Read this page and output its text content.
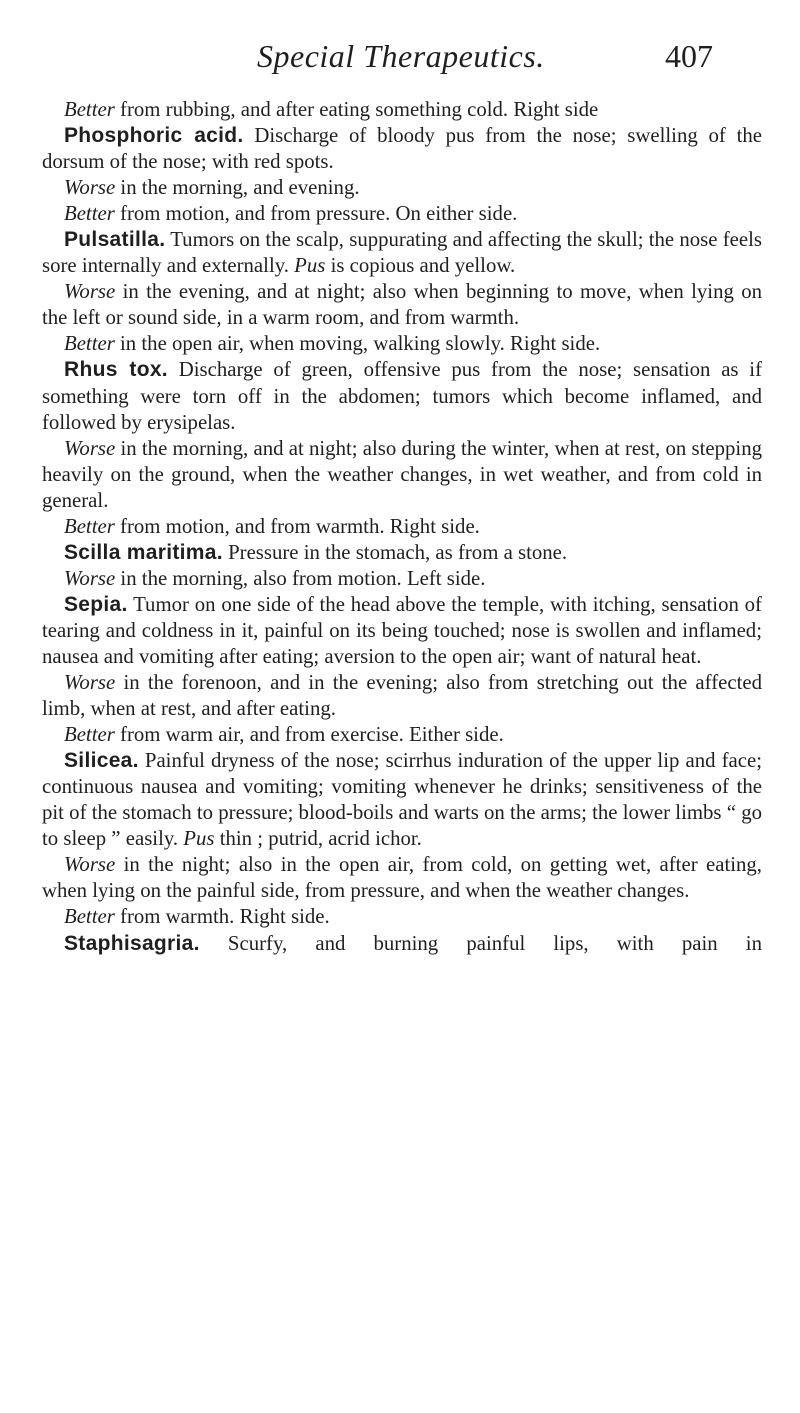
Special Therapeutics.	407

Better from rubbing, and after eating something cold. Right side

Phosphoric acid. Discharge of bloody pus from the nose; swelling of the dorsum of the nose; with red spots.

Worse in the morning, and evening.

Better from motion, and from pressure. On either side.

Pulsatilla. Tumors on the scalp, suppurating and affecting the skull; the nose feels sore internally and externally. Pus is copious and yellow.

Worse in the evening, and at night; also when beginning to move, when lying on the left or sound side, in a warm room, and from warmth.

Better in the open air, when moving, walking slowly. Right side.

Rhus tox. Discharge of green, offensive pus from the nose; sensation as if something were torn off in the abdomen; tumors which become inflamed, and followed by erysipelas.

Worse in the morning, and at night; also during the winter, when at rest, on stepping heavily on the ground, when the weather changes, in wet weather, and from cold in general.

Better from motion, and from warmth. Right side.

Scilla maritima. Pressure in the stomach, as from a stone.

Worse in the morning, also from motion. Left side.

Sepia. Tumor on one side of the head above the temple, with itching, sensation of tearing and coldness in it, painful on its being touched; nose is swollen and inflamed; nausea and vomiting after eating; aversion to the open air; want of natural heat.

Worse in the forenoon, and in the evening; also from stretching out the affected limb, when at rest, and after eating.

Better from warm air, and from exercise. Either side.

Silicea. Painful dryness of the nose; scirrhus induration of the upper lip and face; continuous nausea and vomiting; vomiting whenever he drinks; sensitiveness of the pit of the stomach to pressure; blood-boils and warts on the arms; the lower limbs “ go to sleep ” easily. Pus thin ; putrid, acrid ichor.

Worse in the night; also in the open air, from cold, on getting wet, after eating, when lying on the painful side, from pressure, and when the weather changes.

Better from warmth. Right side.

Staphisagria. Scurfy, and burning painful lips, with pain in
